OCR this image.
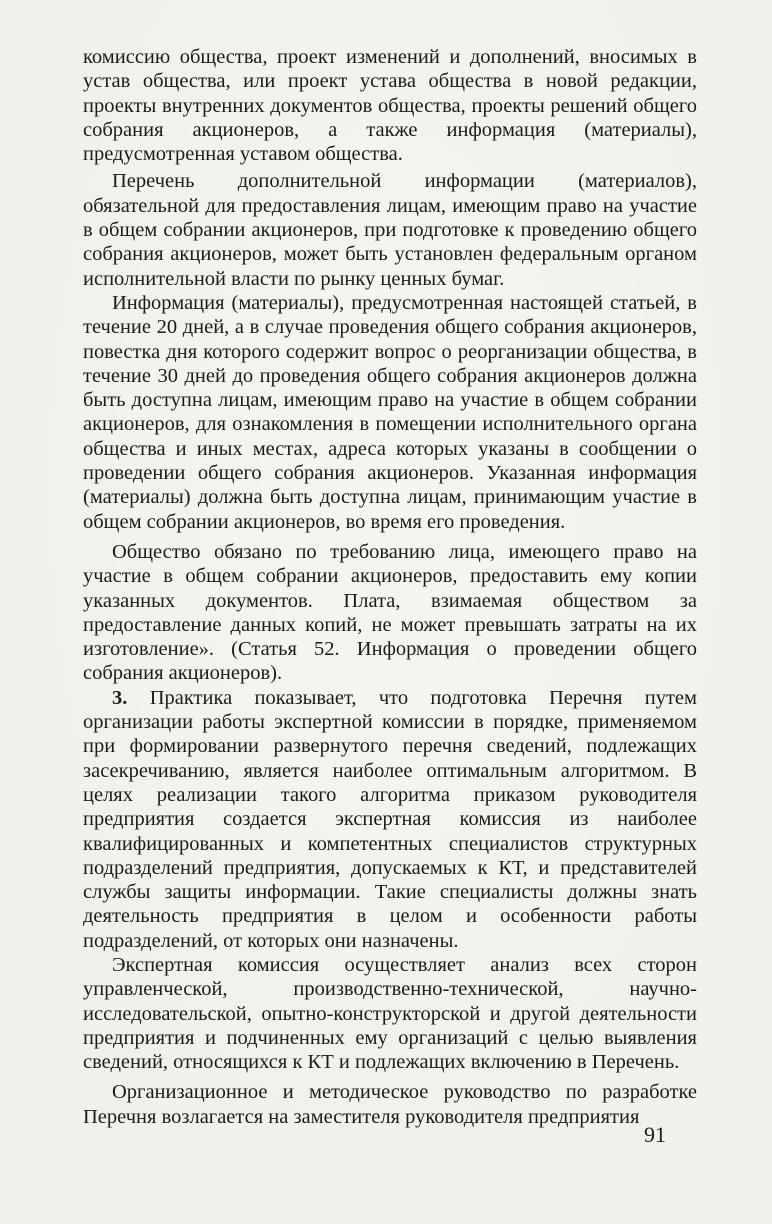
комиссию общества, проект изменений и дополнений, вносимых в устав общества, или проект устава общества в новой редакции, проекты внутренних документов общества, проекты решений общего собрания акционеров, а также информация (материалы), предусмотренная уставом общества.

Перечень дополнительной информации (материалов), обязательной для предоставления лицам, имеющим право на участие в общем собрании акционеров, при подготовке к проведению общего собрания акционеров, может быть установлен федеральным органом исполнительной власти по рынку ценных бумаг.

Информация (материалы), предусмотренная настоящей статьей, в течение 20 дней, а в случае проведения общего собрания акционеров, повестка дня которого содержит вопрос о реорганизации общества, в течение 30 дней до проведения общего собрания акционеров должна быть доступна лицам, имеющим право на участие в общем собрании акционеров, для ознакомления в помещении исполнительного органа общества и иных местах, адреса которых указаны в сообщении о проведении общего собрания акционеров. Указанная информация (материалы) должна быть доступна лицам, принимающим участие в общем собрании акционеров, во время его проведения.

Общество обязано по требованию лица, имеющего право на участие в общем собрании акционеров, предоставить ему копии указанных документов. Плата, взимаемая обществом за предоставление данных копий, не может превышать затраты на их изготовление». (Статья 52. Информация о проведении общего собрания акционеров).

3. Практика показывает, что подготовка Перечня путем организации работы экспертной комиссии в порядке, применяемом при формировании развернутого перечня сведений, подлежащих засекречиванию, является наиболее оптимальным алгоритмом. В целях реализации такого алгоритма приказом руководителя предприятия создается экспертная комиссия из наиболее квалифицированных и компетентных специалистов структурных подразделений предприятия, допускаемых к КТ, и представителей службы защиты информации. Такие специалисты должны знать деятельность предприятия в целом и особенности работы подразделений, от которых они назначены.

Экспертная комиссия осуществляет анализ всех сторон управленческой, производственно-технической, научно-исследовательской, опытно-конструкторской и другой деятельности предприятия и подчиненных ему организаций с целью выявления сведений, относящихся к КТ и подлежащих включению в Перечень.

Организационное и методическое руководство по разработке Перечня возлагается на заместителя руководителя предприятия

91
